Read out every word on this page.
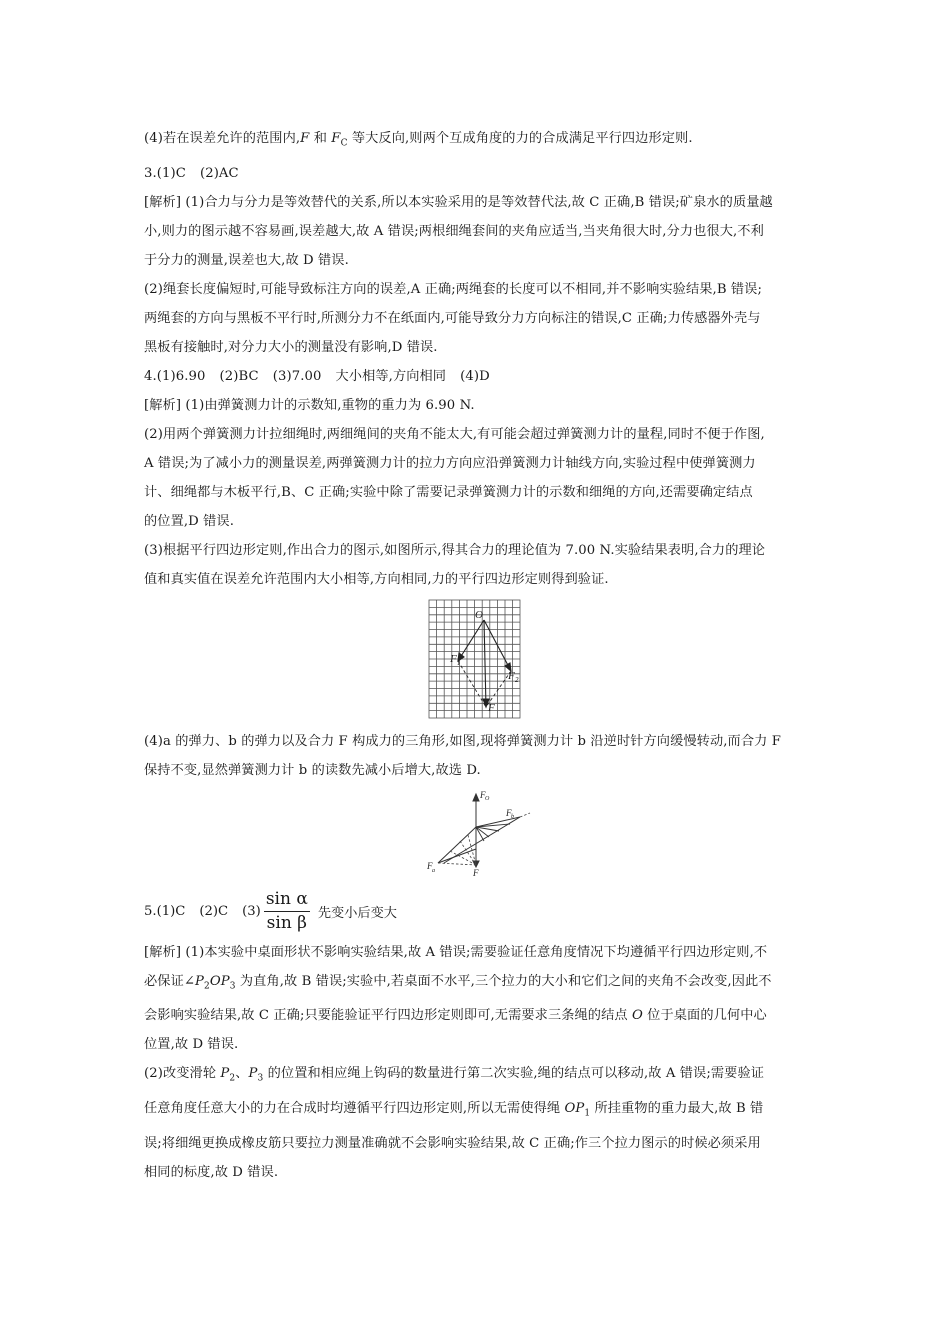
(4)若在误差允许的范围内,F 和 $F_C$ 等大反向,则两个互成角度的力的合成满足平行四边形定则.
3.(1)C (2)AC
[解析] (1)合力与分力是等效替代的关系,所以本实验采用的是等效替代法,故 C 正确,B 错误;矿泉水的质量越
小,则力的图示越不容易画,误差越大,故 A 错误;两根细绳套间的夹角应适当,当夹角很大时,分力也很大,不利
于分力的测量,误差也大,故 D 错误.
(2)绳套长度偏短时,可能导致标注方向的误差,A 正确;两绳套的长度可以不相同,并不影响实验结果,B 错误;
两绳套的方向与黑板不平行时,所测分力不在纸面内,可能导致分力方向标注的错误,C 正确;力传感器外壳与
黑板有接触时,对分力大小的测量没有影响,D 错误.
4.(1)6.90 (2)BC (3)7.00 大小相等,方向相同 (4)D
[解析] (1)由弹簧测力计的示数知,重物的重力为 6.90 N.
(2)用两个弹簧测力计拉细绳时,两细绳间的夹角不能太大,有可能会超过弹簧测力计的量程,同时不便于作图,
A 错误;为了减小力的测量误差,两弹簧测力计的拉力方向应沿弹簧测力计轴线方向,实验过程中使弹簧测力
计、细绳都与木板平行,B、C 正确;实验中除了需要记录弹簧测力计的示数和细绳的方向,还需要确定结点
的位置,D 错误.
(3)根据平行四边形定则,作出合力的图示,如图所示,得其合力的理论值为 7.00 N.实验结果表明,合力的理论
值和真实值在误差允许范围内大小相等,方向相同,力的平行四边形定则得到验证.
O
F 1
F 2
F
(4)a 的弹力、b 的弹力以及合力 F 构成力的三角形,如图,现将弹簧测力计 b 沿逆时针方向缓慢转动,而合力 F
保持不变,显然弹簧测力计 b 的读数先减小后增大,故选 D.
F O
F b
F a	F
5.(1)C (2)C $(3) \frac{\text{sin α}}{\text{sin β}}$ 先变小后变大
[解析] (1)本实验中桌面形状不影响实验结果,故 A 错误;需要验证任意角度情况下均遵循平行四边形定则,不
必保证$\angle P_2OP_3$ 为直角,故 B 错误;实验中,若桌面不水平,三个拉力的大小和它们之间的夹角不会改变,因此不
会影响实验结果,故 C 正确;只要能验证平行四边形定则即可,无需要求三条绳的结点 O 位于桌面的几何中心
位置,故 D 错误.
(2)改变滑轮 $P_2$、$P_3$ 的位置和相应绳上钩码的数量进行第二次实验,绳的结点可以移动,故 A 错误;需要验证
任意角度任意大小的力在合成时均遵循平行四边形定则,所以无需使得绳 $OP_1$ 所挂重物的重力最大,故 B 错
误;将细绳更换成橡皮筋只要拉力测量准确就不会影响实验结果,故 C 正确;作三个拉力图示的时候必须采用
相同的标度,故 D 错误.
